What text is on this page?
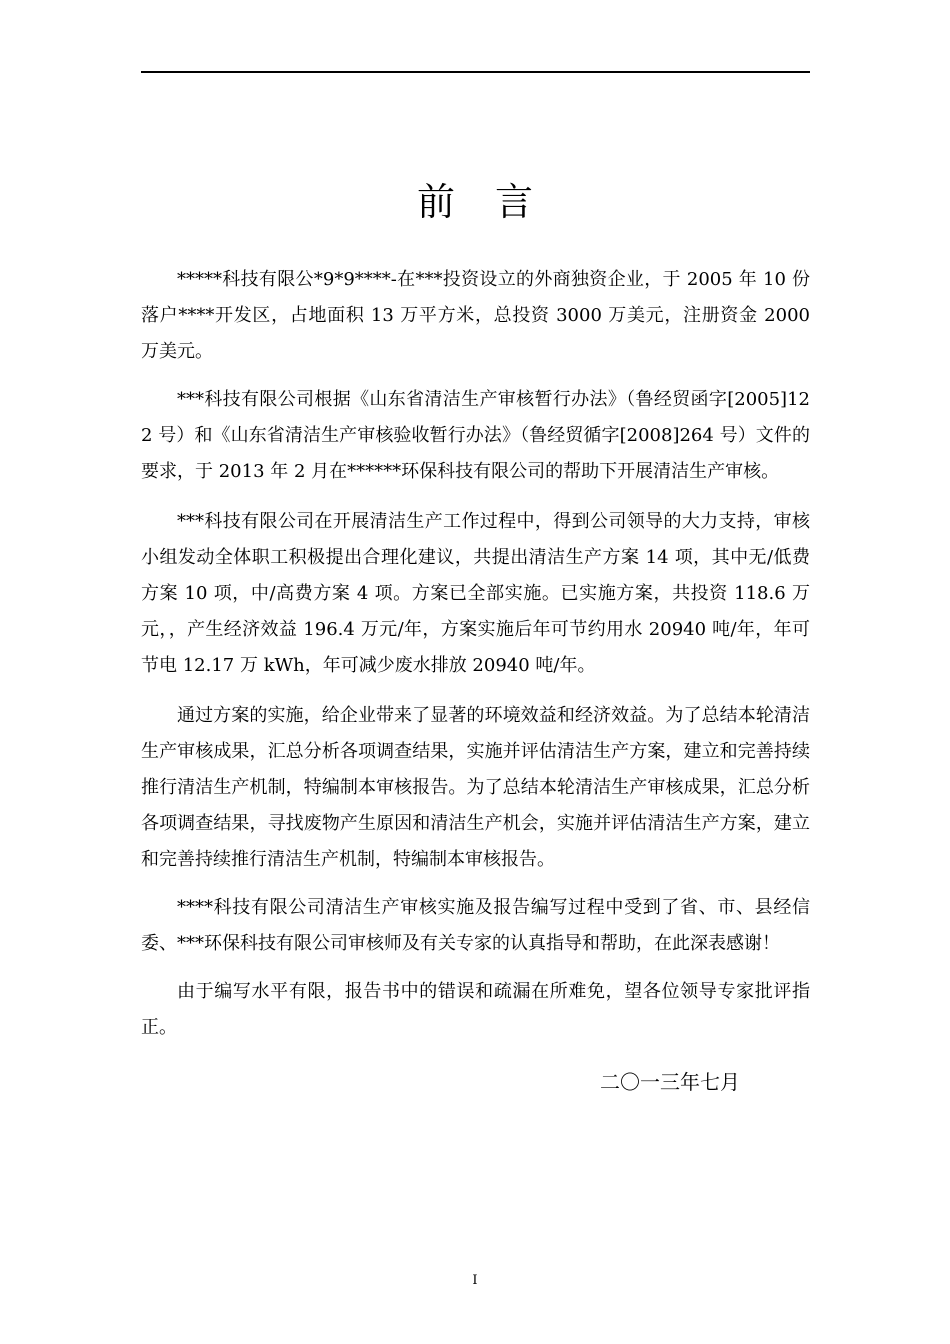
前言

*****科技有限公*9*9****-在***投资设立的外商独资企业，于 2005 年 10 份落户****开发区，占地面积 13 万平方米，总投资 3000 万美元，注册资金 2000 万美元。

***科技有限公司根据《山东省清洁生产审核暂行办法》（鲁经贸函字[2005]122 号）和《山东省清洁生产审核验收暂行办法》（鲁经贸循字[2008]264 号）文件的要求，于 2013 年 2 月在******环保科技有限公司的帮助下开展清洁生产审核。

***科技有限公司在开展清洁生产工作过程中，得到公司领导的大力支持，审核小组发动全体职工积极提出合理化建议，共提出清洁生产方案 14 项，其中无/低费方案 10 项，中/高费方案 4 项。方案已全部实施。已实施方案，共投资 118.6 万元，，产生经济效益 196.4 万元/年，方案实施后年可节约用水 20940 吨/年，年可节电 12.17 万 kWh，年可减少废水排放 20940 吨/年。

通过方案的实施，给企业带来了显著的环境效益和经济效益。为了总结本轮清洁生产审核成果，汇总分析各项调查结果，实施并评估清洁生产方案，建立和完善持续推行清洁生产机制，特编制本审核报告。为了总结本轮清洁生产审核成果，汇总分析各项调查结果，寻找废物产生原因和清洁生产机会，实施并评估清洁生产方案，建立和完善持续推行清洁生产机制，特编制本审核报告。

****科技有限公司清洁生产审核实施及报告编写过程中受到了省、市、县经信委、***环保科技有限公司审核师及有关专家的认真指导和帮助，在此深表感谢！

由于编写水平有限，报告书中的错误和疏漏在所难免，望各位领导专家批评指正。

二〇一三年七月

I
